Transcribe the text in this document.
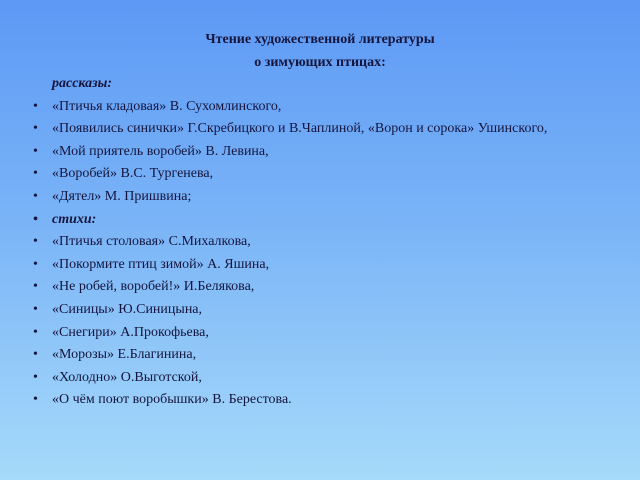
Чтение художественной литературы
о зимующих птицах:
рассказы:
• «Птичья кладовая» В. Сухомлинского,
• «Появились синички» Г.Скребицкого и В.Чаплиной, «Ворон и сорока» Ушинского,
• «Мой приятель воробей» В. Левина,
• «Воробей» В.С. Тургенева,
• «Дятел» М. Пришвина;
• стихи:
• «Птичья столовая» С.Михалкова,
• «Покормите птиц зимой» А. Яшина,
• «Не робей, воробей!» И.Белякова,
• «Синицы» Ю.Синицына,
• «Снегири» А.Прокофьева,
• «Морозы» Е.Благинина,
• «Холодно» О.Выготской,
• «О чём поют воробышки» В. Берестова.
